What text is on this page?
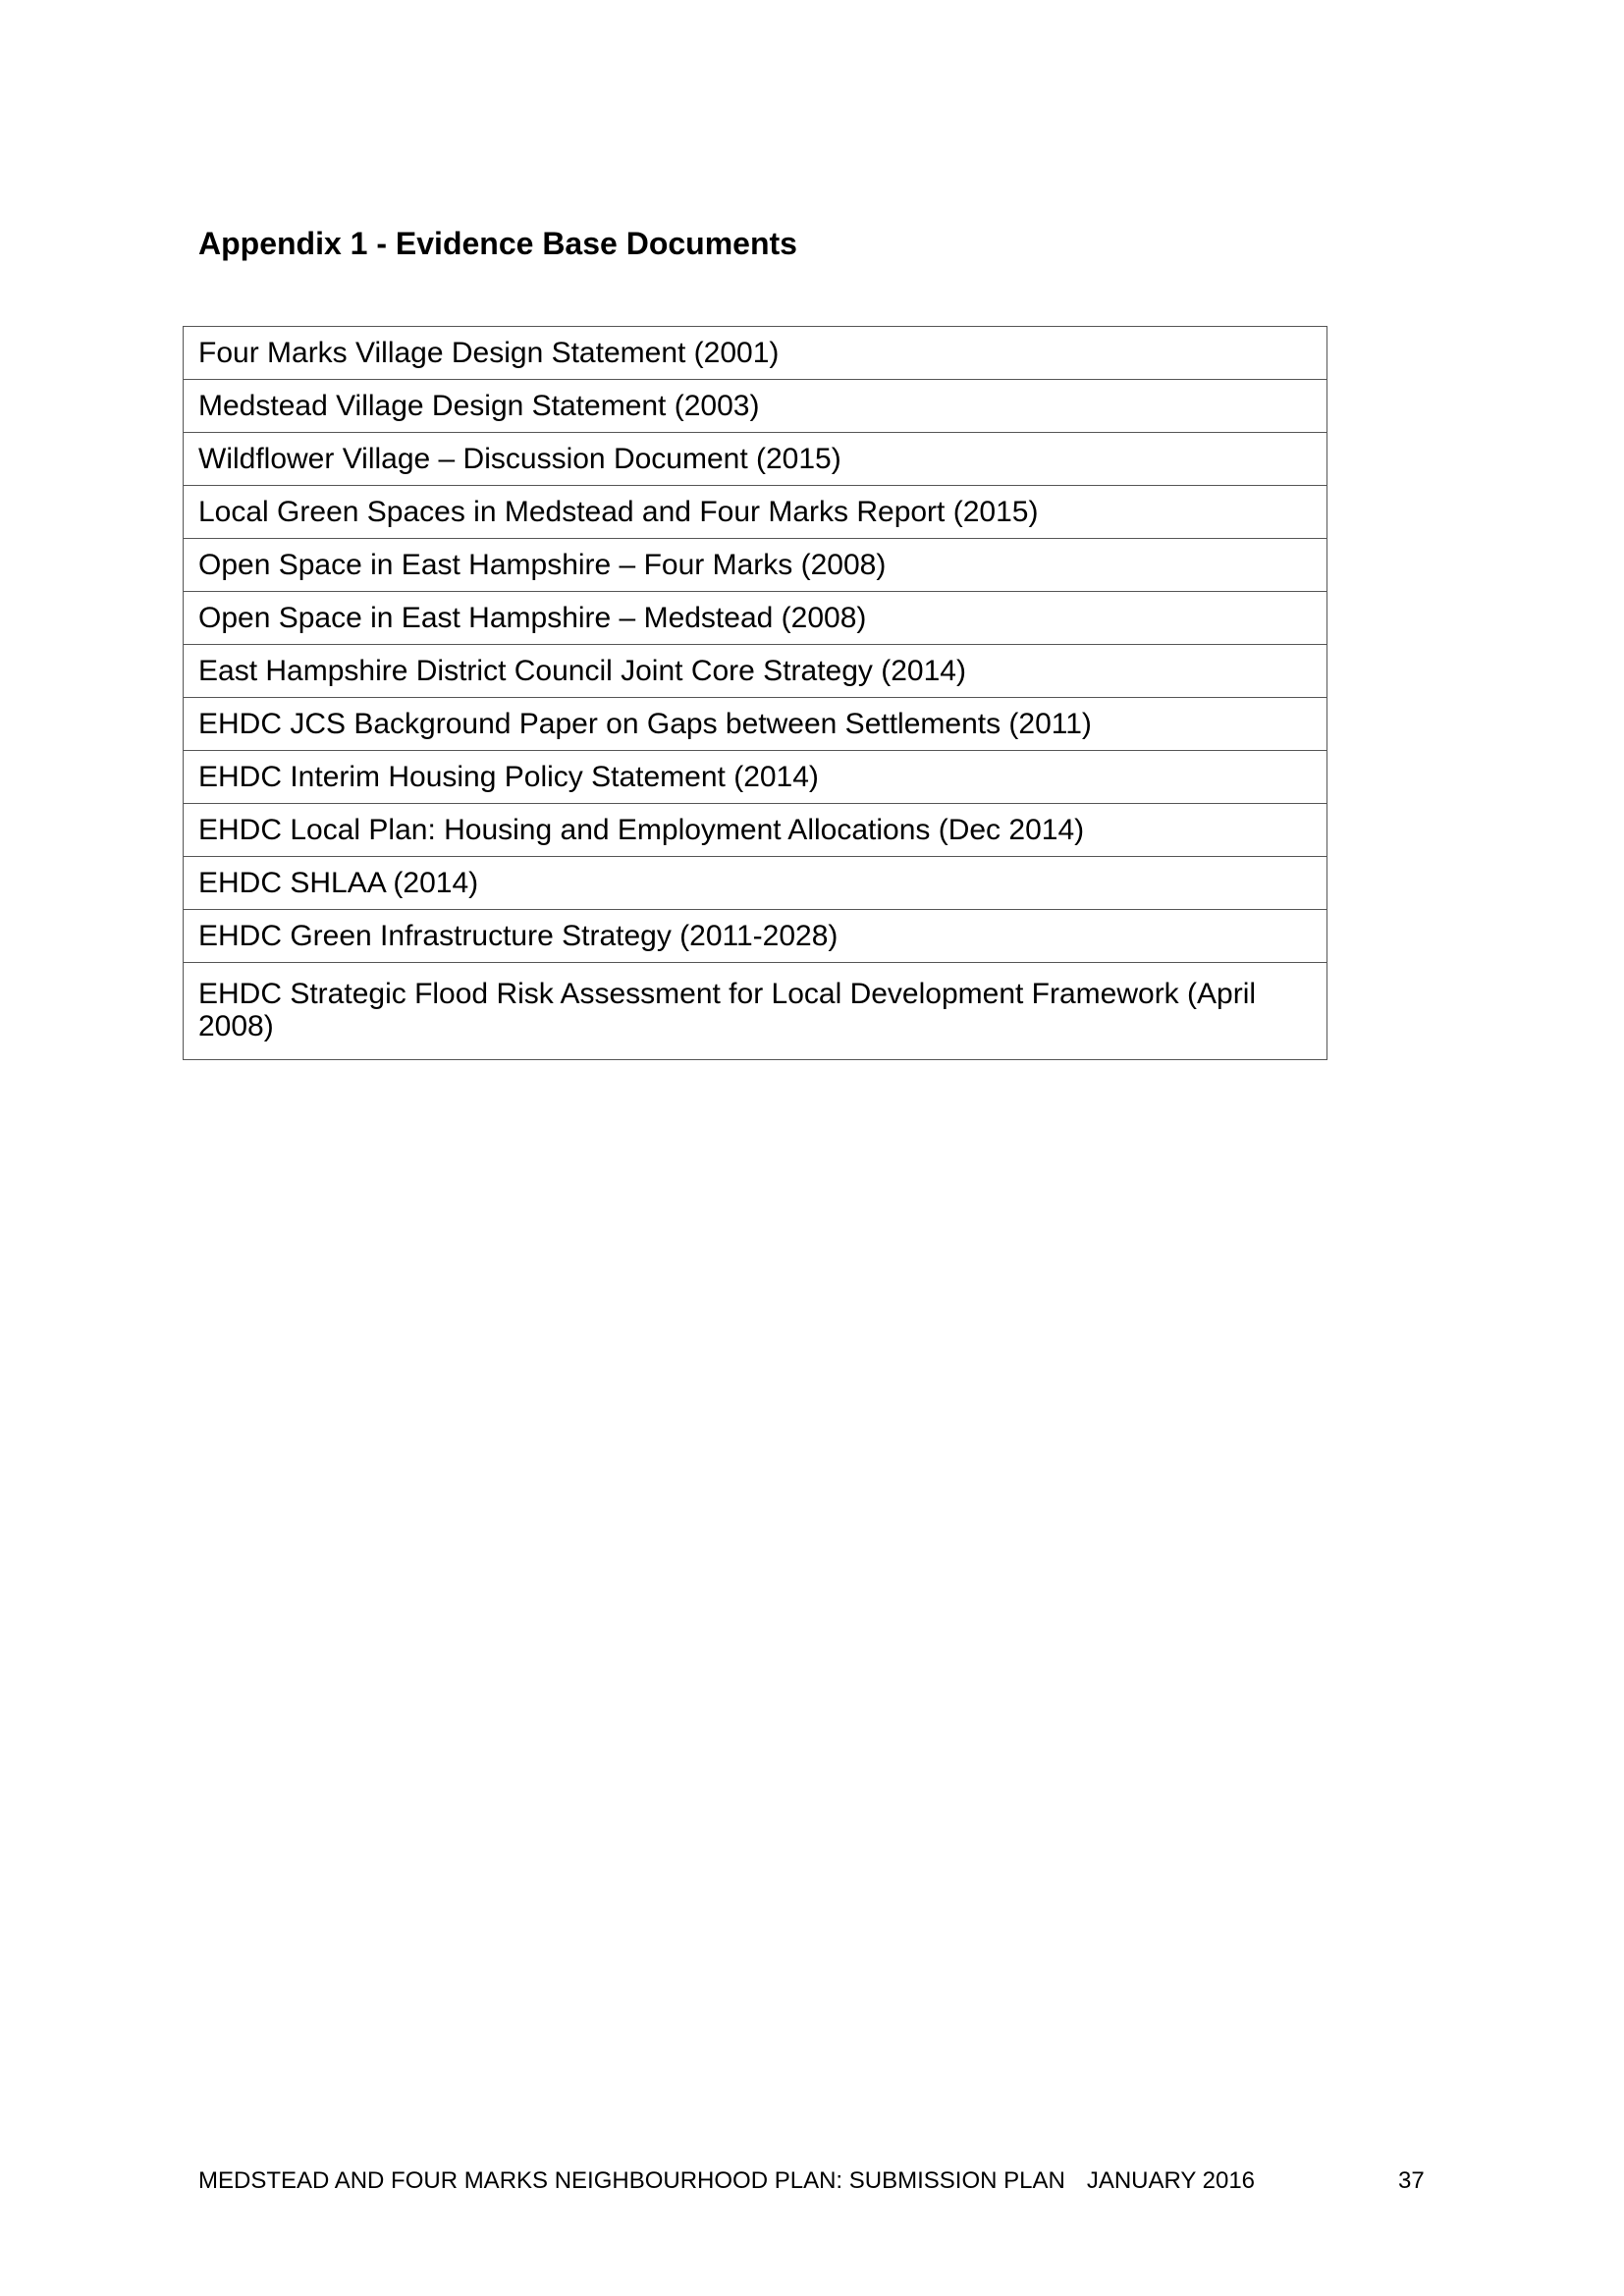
Appendix 1 - Evidence Base Documents
Four Marks Village Design Statement (2001)
Medstead Village Design Statement (2003)
Wildflower Village – Discussion Document (2015)
Local Green Spaces in Medstead and Four Marks Report (2015)
Open Space in East Hampshire – Four Marks (2008)
Open Space in East Hampshire – Medstead (2008)
East Hampshire District Council Joint Core Strategy (2014)
EHDC JCS Background Paper on Gaps between Settlements (2011)
EHDC Interim Housing Policy Statement (2014)
EHDC Local Plan: Housing and Employment Allocations (Dec 2014)
EHDC SHLAA (2014)
EHDC Green Infrastructure Strategy (2011-2028)
EHDC Strategic Flood Risk Assessment for Local Development Framework (April 2008)
MEDSTEAD AND FOUR MARKS NEIGHBOURHOOD PLAN: SUBMISSION PLAN JANUARY 2016	37
